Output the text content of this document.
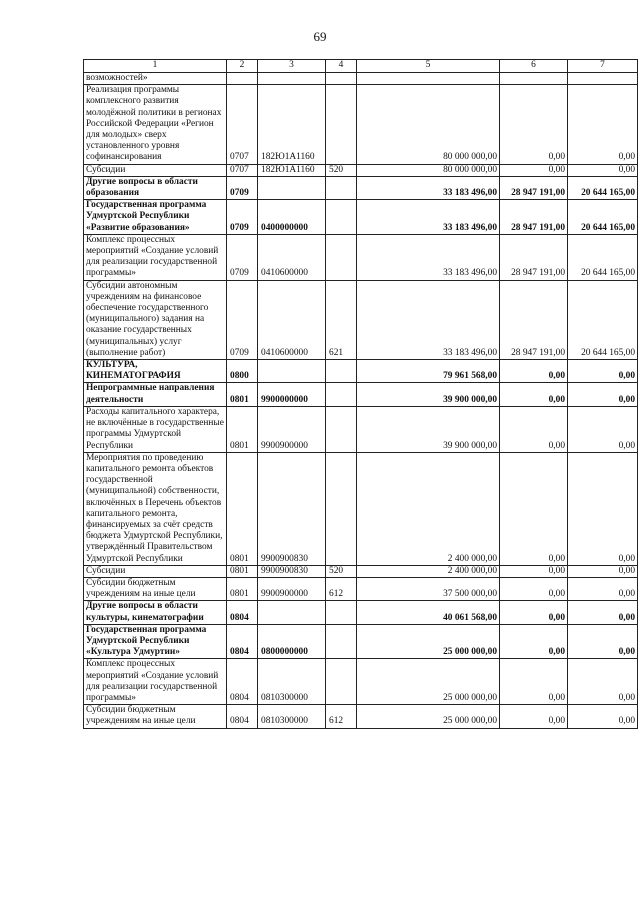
69
1	2	3	4	5	6	7
возможностей»						
Реализация программы комплексного развития молодёжной политики в регионах Российской Федерации «Регион для молодых» сверх установленного уровня софинансирования	0707	182Ю1А1160		80 000 000,00	0,00	0,00
Субсидии	0707	182Ю1А1160	520	80 000 000,00	0,00	0,00
Другие вопросы в области образования	0709			33 183 496,00	28 947 191,00	20 644 165,00
Государственная программа Удмуртской Республики «Развитие образования»	0709	0400000000		33 183 496,00	28 947 191,00	20 644 165,00
Комплекс процессных мероприятий «Создание условий для реализации государственной программы»	0709	0410600000		33 183 496,00	28 947 191,00	20 644 165,00
Субсидии автономным учреждениям на финансовое обеспечение государственного (муниципального) задания на оказание государственных (муниципальных) услуг (выполнение работ)	0709	0410600000	621	33 183 496,00	28 947 191,00	20 644 165,00
КУЛЬТУРА, КИНЕМАТОГРАФИЯ	0800			79 961 568,00	0,00	0,00
Непрограммные направления деятельности	0801	9900000000		39 900 000,00	0,00	0,00
Расходы капитального характера, не включённые в государственные программы Удмуртской Республики	0801	9900900000		39 900 000,00	0,00	0,00
Мероприятия по проведению капитального ремонта объектов государственной (муниципальной) собственности, включённых в Перечень объектов капитального ремонта, финансируемых за счёт средств бюджета Удмуртской Республики, утверждённый Правительством Удмуртской Республики	0801	9900900830		2 400 000,00	0,00	0,00
Субсидии	0801	9900900830	520	2 400 000,00	0,00	0,00
Субсидии бюджетным учреждениям на иные цели	0801	9900900000	612	37 500 000,00	0,00	0,00
Другие вопросы в области культуры, кинематографии	0804			40 061 568,00	0,00	0,00
Государственная программа Удмуртской Республики «Культура Удмуртии»	0804	0800000000		25 000 000,00	0,00	0,00
Комплекс процессных мероприятий «Создание условий для реализации государственной программы»	0804	0810300000		25 000 000,00	0,00	0,00
Субсидии бюджетным учреждениям на иные цели	0804	0810300000	612	25 000 000,00	0,00	0,00
